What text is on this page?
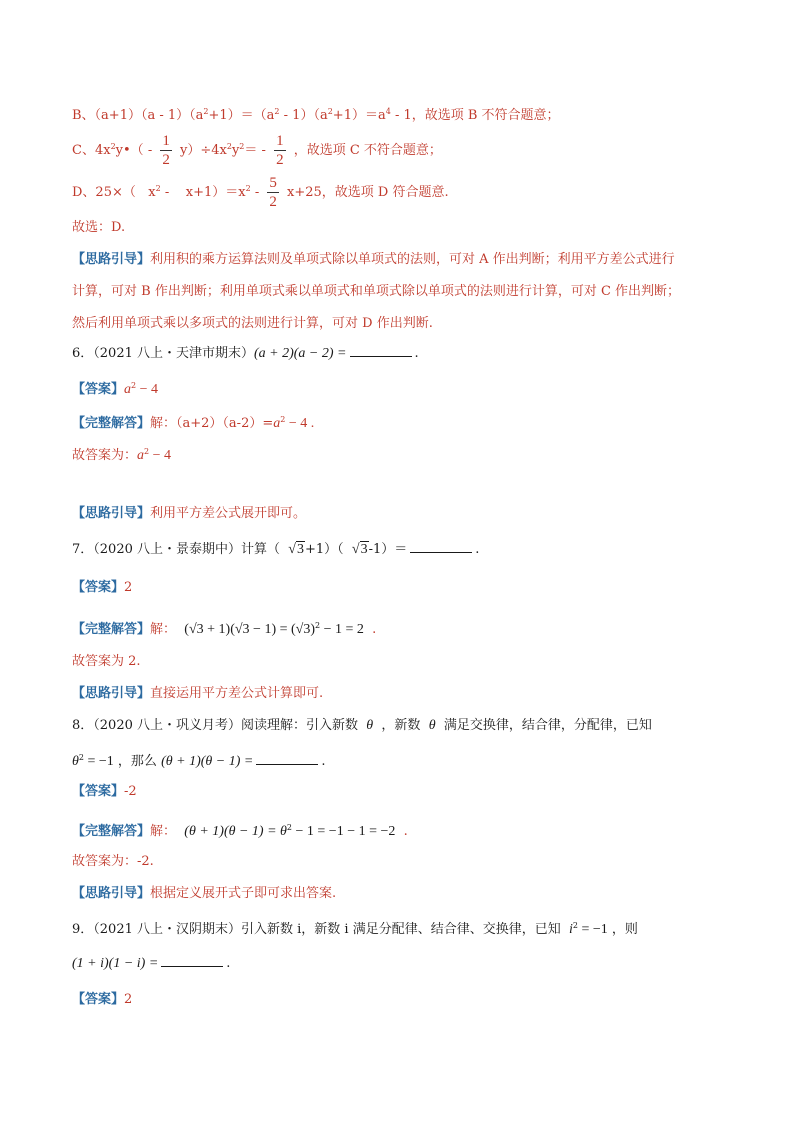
B、$(a+1)(a - 1)(a^2+1)=(a^2 - 1)(a^2+1)=a^4 - 1$，故选项 B 不符合题意；
C、$4x^2y•( - \frac{1}{2} y)\div 4x^2y^2= - \frac{1}{2}$ ，故选项 C 不符合题意；
D、25×（ $x^2 - x+1)=x^2 - \frac{5}{2} x+25$，故选项 D 符合题意.
故选：D.
【思路引导】利用积的乘方运算法则及单项式除以单项式的法则，可对 A 作出判断；利用平方差公式进行
计算，可对 B 作出判断；利用单项式乘以单项式和单项式除以单项式的法则进行计算，可对 C 作出判断；
然后利用单项式乘以多项式的法则进行计算，可对 D 作出判断.
6．（2021 八上・天津市期末）(a + 2)(a − 2) =	.
【答案】$a^2 - 4$
【完整解答】解：$(a+2)(a-2)=a^2 - 4$ .
故答案为：$a^2 - 4$
【思路引导】利用平方差公式展开即可。
7．（2020 八上・景泰期中）计算（ √3+1）（ √3-1）＝	.
【答案】2
【完整解答】解： $(√3 + 1)(√3 - 1) = (√3)^2 - 1 = 2$ .
故答案为 2.
【思路引导】直接运用平方差公式计算即可.
8．（2020 八上・巩义月考）阅读理解：引入新数 θ ，新数 θ 满足交换律，结合律，分配律，已知
$\theta^2 = -1$ ，那么 (θ + 1)(θ − 1) =	.
【答案】-2
【完整解答】解： $(\theta + 1)(\theta - 1) = \theta^2 - 1 = -1 - 1 = -2$ .
故答案为：-2.
【思路引导】根据定义展开式子即可求出答案.
9．（2021 八上・汉阴期末）引入新数 i，新数 i 满足分配律、结合律、交换律，已知 $i^2 = -1$ ，则
(1 + i)(1 − i) =	.
【答案】2
